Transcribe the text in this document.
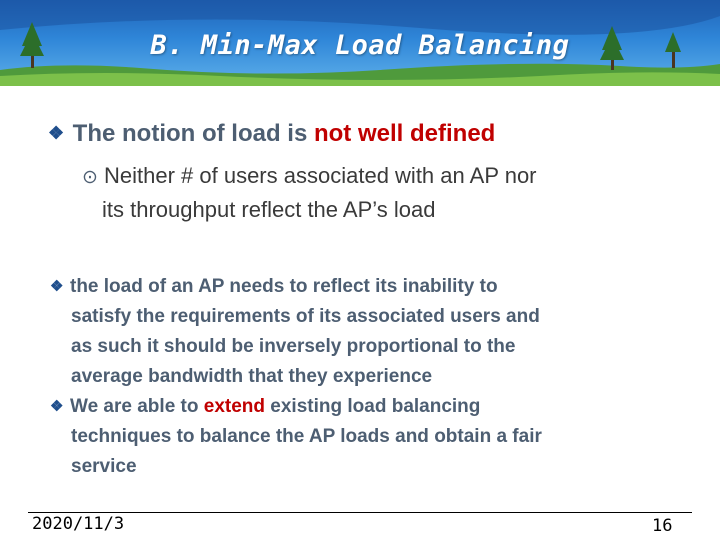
B. Min-Max Load Balancing
❖ The notion of load is not well defined
⊙ Neither # of users associated with an AP nor
its throughput reflect the AP’s load
❖ the load of an AP needs to reflect its inability to
satisfy the requirements of its associated users and
as such it should be inversely proportional to the
average bandwidth that they experience
❖ We are able to extend existing load balancing
techniques to balance the AP loads and obtain a fair
service
2020/11/3	16
